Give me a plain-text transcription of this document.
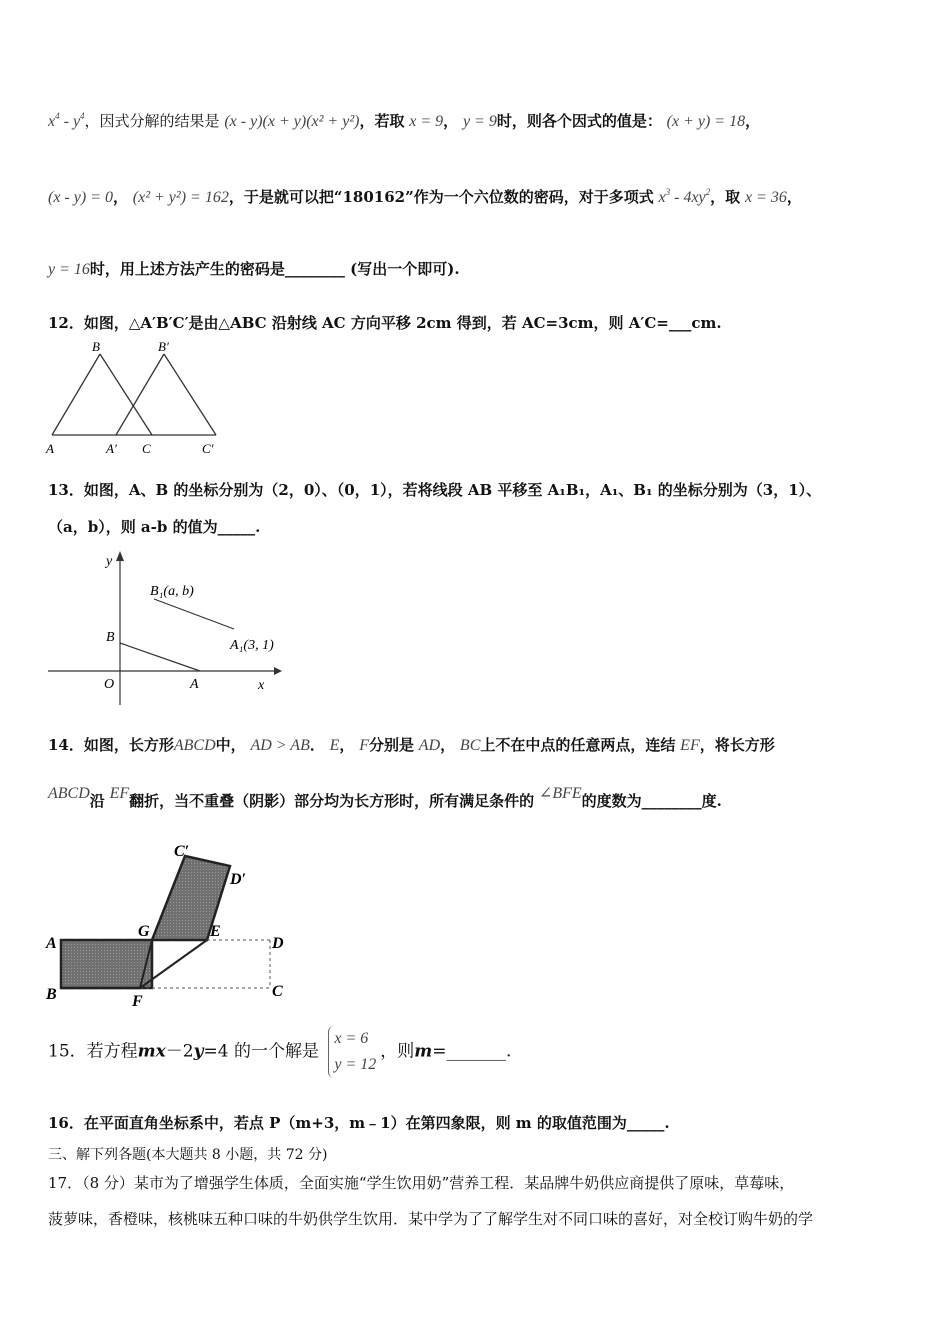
$x^4 - y^4$，因式分解的结果是 (x - y)(x + y)(x² + y²)，若取 x = 9， y = 9时，则各个因式的值是： (x + y) = 18，
(x - y) = 0， (x² + y²) = 162，于是就可以把“180162”作为一个六位数的密码，对于多项式 $x^3 - 4xy^2$，取 x = 36，
y = 16时，用上述方法产生的密码是________ (写出一个即可).
12．如图，△A′B′C′是由△ABC 沿射线 AC 方向平移 2cm 得到，若 AC=3cm，则 A′C=___cm.
B	B′
A	A′ C	C′
13．如图，A、B 的坐标分别为（2，0）、（0，1），若将线段 AB 平移至 A₁B₁，A₁、B₁ 的坐标分别为（3，1）、
（a，b），则 a-b 的值为_____.
y
x
O	A
B
B₁(a, b)
A₁(3, 1)
14．如图，长方形ABCD中， AD > AB． E， F分别是 AD， BC上不在中点的任意两点，连结 EF，将长方形
ABCD沿 EF翻折，当不重叠（阴影）部分均为长方形时，所有满足条件的 ∠BFE的度数为________度.
A
B	F
G	E
D
C
C′
D′
15．若方程mx－2y=4 的一个解是
x = 6
y = 12
，则m=_______.
16．在平面直角坐标系中，若点 P（m+3，m﹣1）在第四象限，则 m 的取值范围为_____.
三、解下列各题(本大题共 8 小题，共 72 分)
17．（8 分）某市为了增强学生体质，全面实施“学生饮用奶”营养工程．某品牌牛奶供应商提供了原味，草莓味，
菠萝味，香橙味，核桃味五种口味的牛奶供学生饮用．某中学为了了解学生对不同口味的喜好，对全校订购牛奶的学
